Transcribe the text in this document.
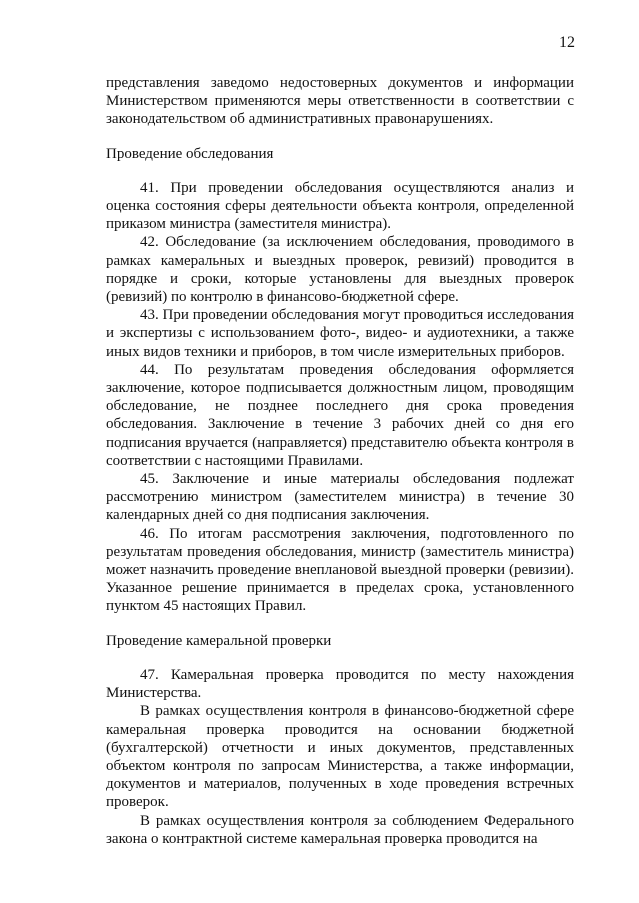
12

представления заведомо недостоверных документов и информации Министерством применяются меры ответственности в соответствии с законодательством об административных правонарушениях.

Проведение обследования

41. При проведении обследования осуществляются анализ и оценка состояния сферы деятельности объекта контроля, определенной приказом министра (заместителя министра).

42. Обследование (за исключением обследования, проводимого в рамках камеральных и выездных проверок, ревизий) проводится в порядке и сроки, которые установлены для выездных проверок (ревизий) по контролю в финансово-бюджетной сфере.

43. При проведении обследования могут проводиться исследования и экспертизы с использованием фото-, видео- и аудиотехники, а также иных видов техники и приборов, в том числе измерительных приборов.

44. По результатам проведения обследования оформляется заключение, которое подписывается должностным лицом, проводящим обследование, не позднее последнего дня срока проведения обследования. Заключение в течение 3 рабочих дней со дня его подписания вручается (направляется) представителю объекта контроля в соответствии с настоящими Правилами.

45. Заключение и иные материалы обследования подлежат рассмотрению министром (заместителем министра) в течение 30 календарных дней со дня подписания заключения.

46. По итогам рассмотрения заключения, подготовленного по результатам проведения обследования, министр (заместитель министра) может назначить проведение внеплановой выездной проверки (ревизии). Указанное решение принимается в пределах срока, установленного пунктом 45 настоящих Правил.

Проведение камеральной проверки

47. Камеральная проверка проводится по месту нахождения Министерства.

В рамках осуществления контроля в финансово-бюджетной сфере камеральная проверка проводится на основании бюджетной (бухгалтерской) отчетности и иных документов, представленных объектом контроля по запросам Министерства, а также информации, документов и материалов, полученных в ходе проведения встречных проверок.

В рамках осуществления контроля за соблюдением Федерального закона о контрактной системе камеральная проверка проводится на
